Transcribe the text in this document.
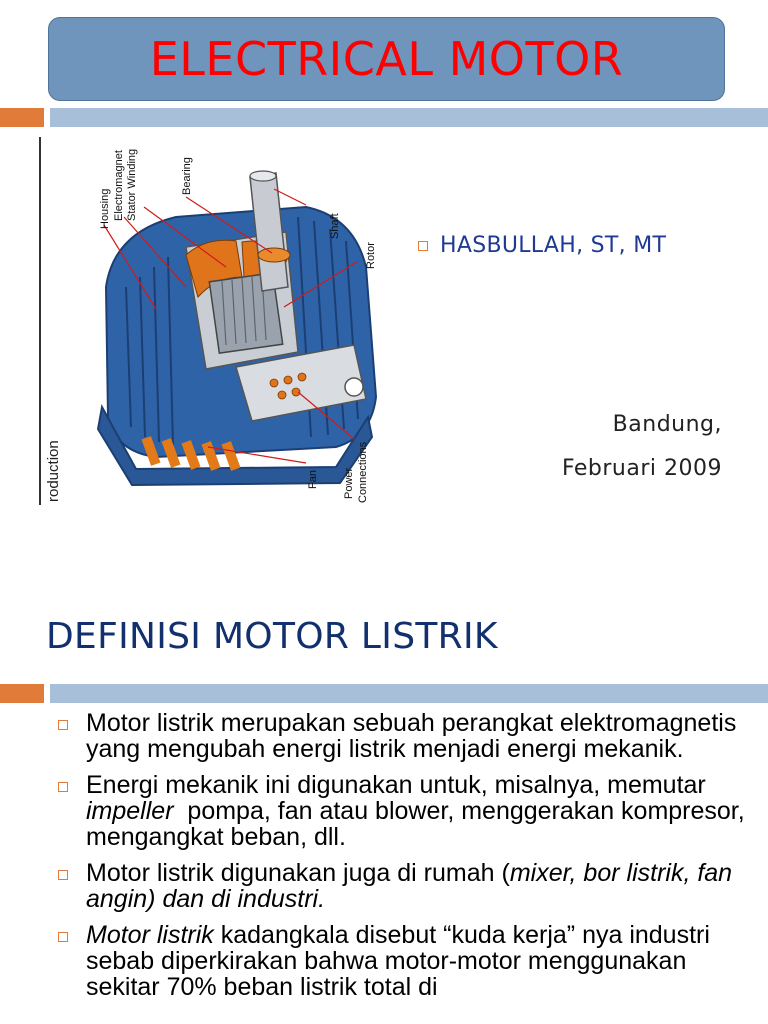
ELECTRICAL MOTOR
roduction
Housing Electromagnet Stator Winding	Bearing
Shaft
Rotor
Fan Power Connections
HASBULLAH, ST, MT
Bandung,
Februari 2009
DEFINISI MOTOR LISTRIK
Motor listrik merupakan sebuah perangkat elektromagnetis yang mengubah energi listrik menjadi energi mekanik.
Energi mekanik ini digunakan untuk, misalnya, memutar impeller  pompa, fan atau blower, menggerakan kompresor, mengangkat beban, dll.
Motor listrik digunakan juga di rumah (mixer, bor listrik, fan angin) dan di industri.
Motor listrik kadangkala disebut “kuda kerja” nya industri sebab diperkirakan bahwa motor-motor menggunakan sekitar 70% beban listrik total di
